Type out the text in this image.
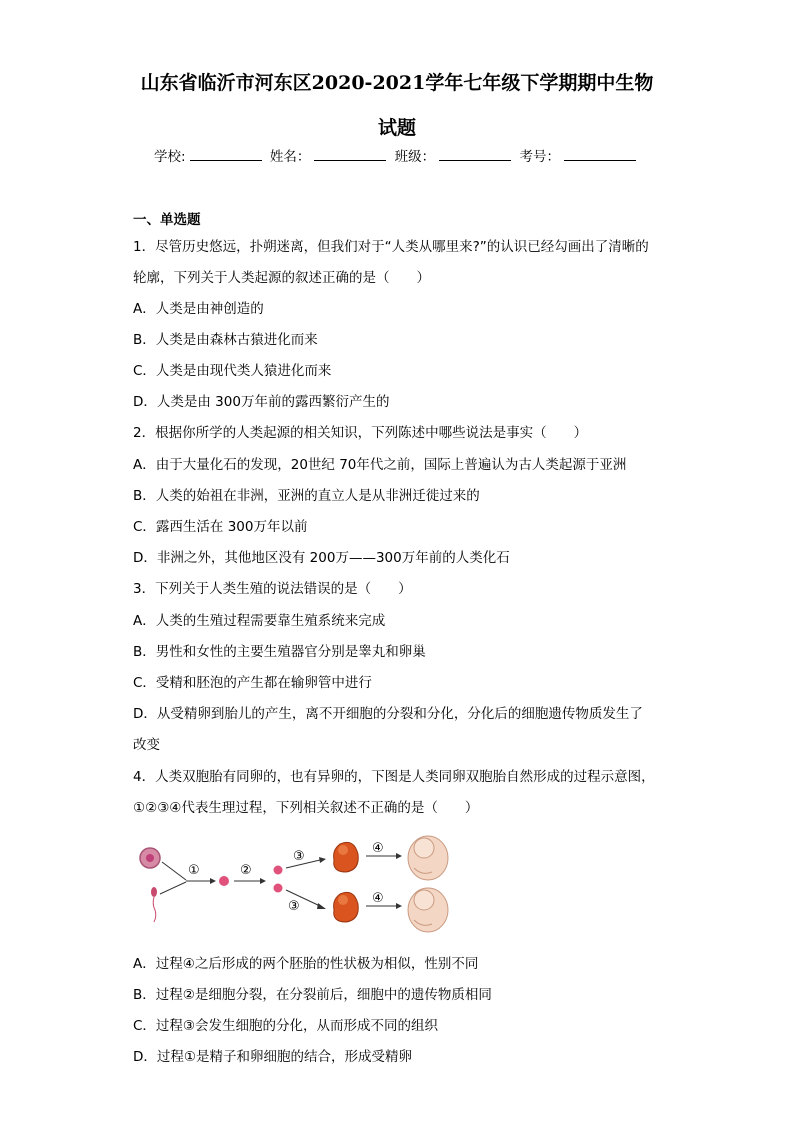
山东省临沂市河东区2020-2021学年七年级下学期期中生物
试题
学校:	姓名：	班级：	考号：
一、单选题
1．尽管历史悠远，扑朔迷离，但我们对于“人类从哪里来?”的认识已经勾画出了清晰的
轮廓，下列关于人类起源的叙述正确的是（　　）
A．人类是由神创造的
B．人类是由森林古猿进化而来
C．人类是由现代类人猿进化而来
D．人类是由 300万年前的露西繁衍产生的
2．根据你所学的人类起源的相关知识，下列陈述中哪些说法是事实（　　）
A．由于大量化石的发现，20世纪 70年代之前，国际上普遍认为古人类起源于亚洲
B．人类的始祖在非洲，亚洲的直立人是从非洲迁徙过来的
C．露西生活在 300万年以前
D．非洲之外，其他地区没有 200万——300万年前的人类化石
3．下列关于人类生殖的说法错误的是（　　）
A．人类的生殖过程需要靠生殖系统来完成
B．男性和女性的主要生殖器官分别是睾丸和卵巢
C．受精和胚泡的产生都在输卵管中进行
D．从受精卵到胎儿的产生，离不开细胞的分裂和分化，分化后的细胞遗传物质发生了
改变
4．人类双胞胎有同卵的，也有异卵的，下图是人类同卵双胞胎自然形成的过程示意图，
①②③④代表生理过程，下列相关叙述不正确的是（　　）
①	②
③
③
④
④
A．过程④之后形成的两个胚胎的性状极为相似，性别不同
B．过程②是细胞分裂，在分裂前后，细胞中的遗传物质相同
C．过程③会发生细胞的分化，从而形成不同的组织
D．过程①是精子和卵细胞的结合，形成受精卵
